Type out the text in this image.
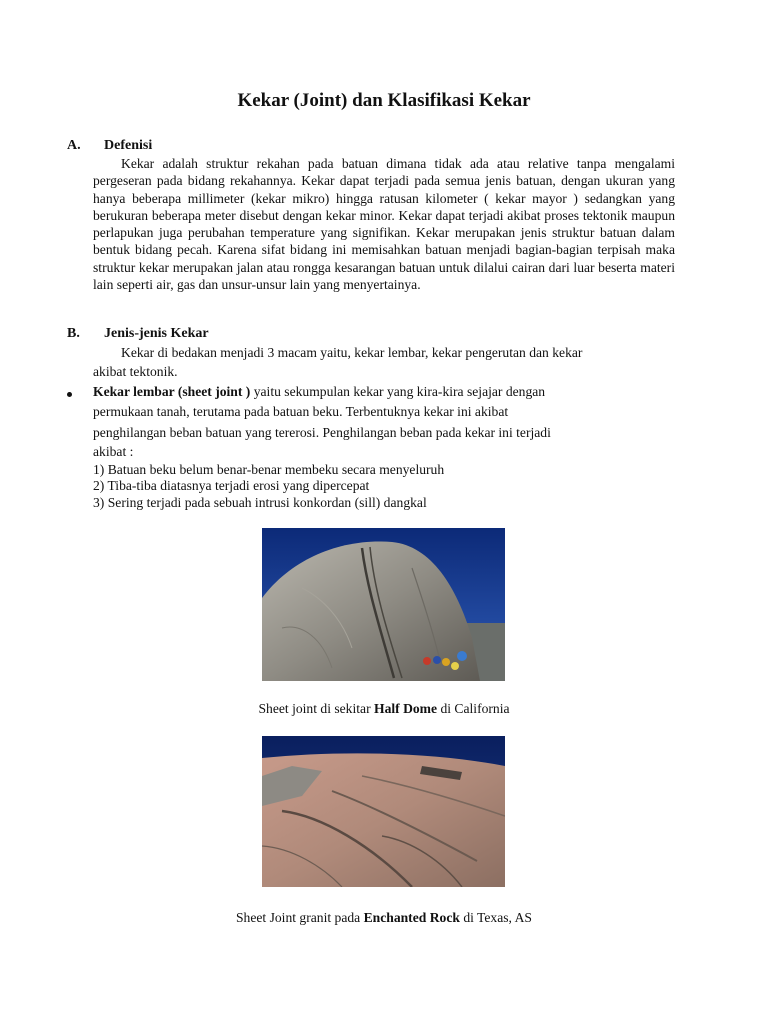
Kekar (Joint) dan Klasifikasi Kekar
A. Defenisi
Kekar adalah struktur rekahan pada batuan dimana tidak ada atau relative tanpa mengalami pergeseran pada bidang rekahannya. Kekar dapat terjadi pada semua jenis batuan, dengan ukuran yang hanya beberapa millimeter (kekar mikro) hingga ratusan kilometer ( kekar mayor ) sedangkan yang berukuran beberapa meter disebut dengan kekar minor. Kekar dapat terjadi akibat proses tektonik maupun perlapukan juga perubahan temperature yang signifikan. Kekar merupakan jenis struktur batuan dalam bentuk bidang pecah. Karena sifat bidang ini memisahkan batuan menjadi bagian-bagian terpisah maka struktur kekar merupakan jalan atau rongga kesarangan batuan untuk dilalui cairan dari luar beserta materi lain seperti air, gas dan unsur-unsur lain yang menyertainya.
B. Jenis-jenis Kekar
Kekar di bedakan menjadi 3 macam yaitu, kekar lembar, kekar pengerutan dan kekar
akibat tektonik.
Kekar lembar (sheet joint ) yaitu sekumpulan kekar yang kira-kira sejajar dengan
permukaan tanah, terutama pada batuan beku. Terbentuknya kekar ini akibat
penghilangan beban batuan yang tererosi. Penghilangan beban pada kekar ini terjadi
akibat :
1) Batuan beku belum benar-benar membeku secara menyeluruh
2) Tiba-tiba diatasnya terjadi erosi yang dipercepat
3) Sering terjadi pada sebuah intrusi konkordan (sill) dangkal
Sheet joint di sekitar Half Dome di California
Sheet Joint granit pada Enchanted Rock di Texas, AS
